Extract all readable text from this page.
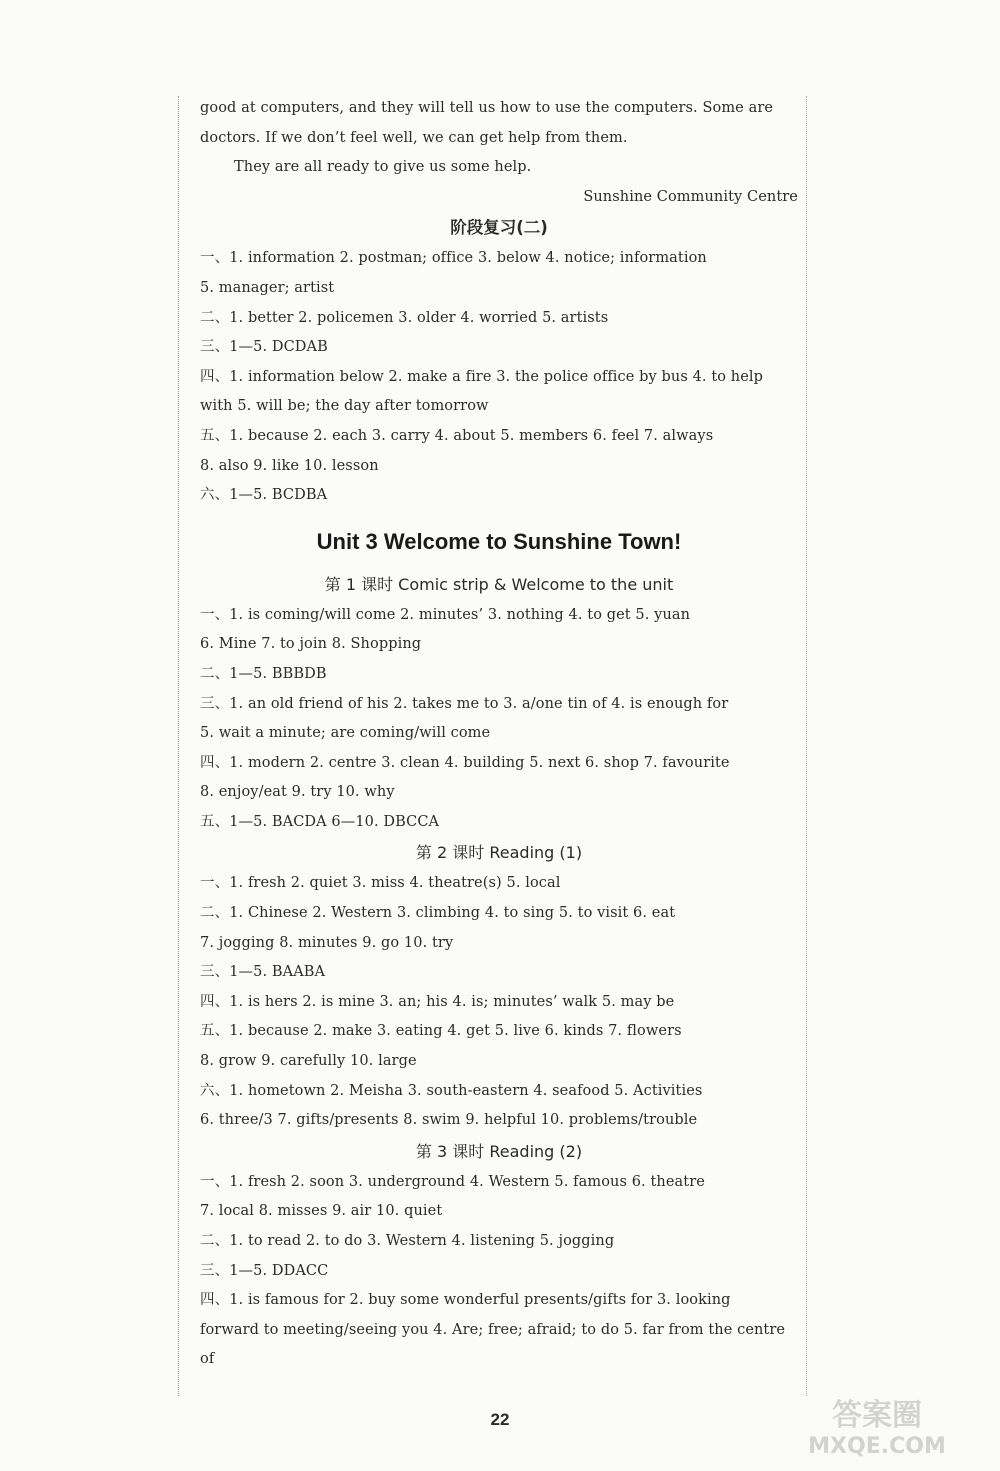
good at computers, and they will tell us how to use the computers. Some are
doctors. If we don’t feel well, we can get help from them.
They are all ready to give us some help.
Sunshine Community Centre
阶段复习(二)
一、1. information 2. postman; office 3. below 4. notice; information
5. manager; artist
二、1. better 2. policemen 3. older 4. worried 5. artists
三、1—5. DCDAB
四、1. information below 2. make a fire 3. the police office by bus 4. to help
with 5. will be; the day after tomorrow
五、1. because 2. each 3. carry 4. about 5. members 6. feel 7. always
8. also 9. like 10. lesson
六、1—5. BCDBA
Unit 3 Welcome to Sunshine Town!
第 1 课时 Comic strip & Welcome to the unit
一、1. is coming/will come 2. minutes’ 3. nothing 4. to get 5. yuan
6. Mine 7. to join 8. Shopping
二、1—5. BBBDB
三、1. an old friend of his 2. takes me to 3. a/one tin of 4. is enough for
5. wait a minute; are coming/will come
四、1. modern 2. centre 3. clean 4. building 5. next 6. shop 7. favourite
8. enjoy/eat 9. try 10. why
五、1—5. BACDA 6—10. DBCCA
第 2 课时 Reading (1)
一、1. fresh 2. quiet 3. miss 4. theatre(s) 5. local
二、1. Chinese 2. Western 3. climbing 4. to sing 5. to visit 6. eat
7. jogging 8. minutes 9. go 10. try
三、1—5. BAABA
四、1. is hers 2. is mine 3. an; his 4. is; minutes’ walk 5. may be
五、1. because 2. make 3. eating 4. get 5. live 6. kinds 7. flowers
8. grow 9. carefully 10. large
六、1. hometown 2. Meisha 3. south-eastern 4. seafood 5. Activities
6. three/3 7. gifts/presents 8. swim 9. helpful 10. problems/trouble
第 3 课时 Reading (2)
一、1. fresh 2. soon 3. underground 4. Western 5. famous 6. theatre
7. local 8. misses 9. air 10. quiet
二、1. to read 2. to do 3. Western 4. listening 5. jogging
三、1—5. DDACC
四、1. is famous for 2. buy some wonderful presents/gifts for 3. looking
forward to meeting/seeing you 4. Are; free; afraid; to do 5. far from the centre
of
22	答案圈
MXQE.COM
